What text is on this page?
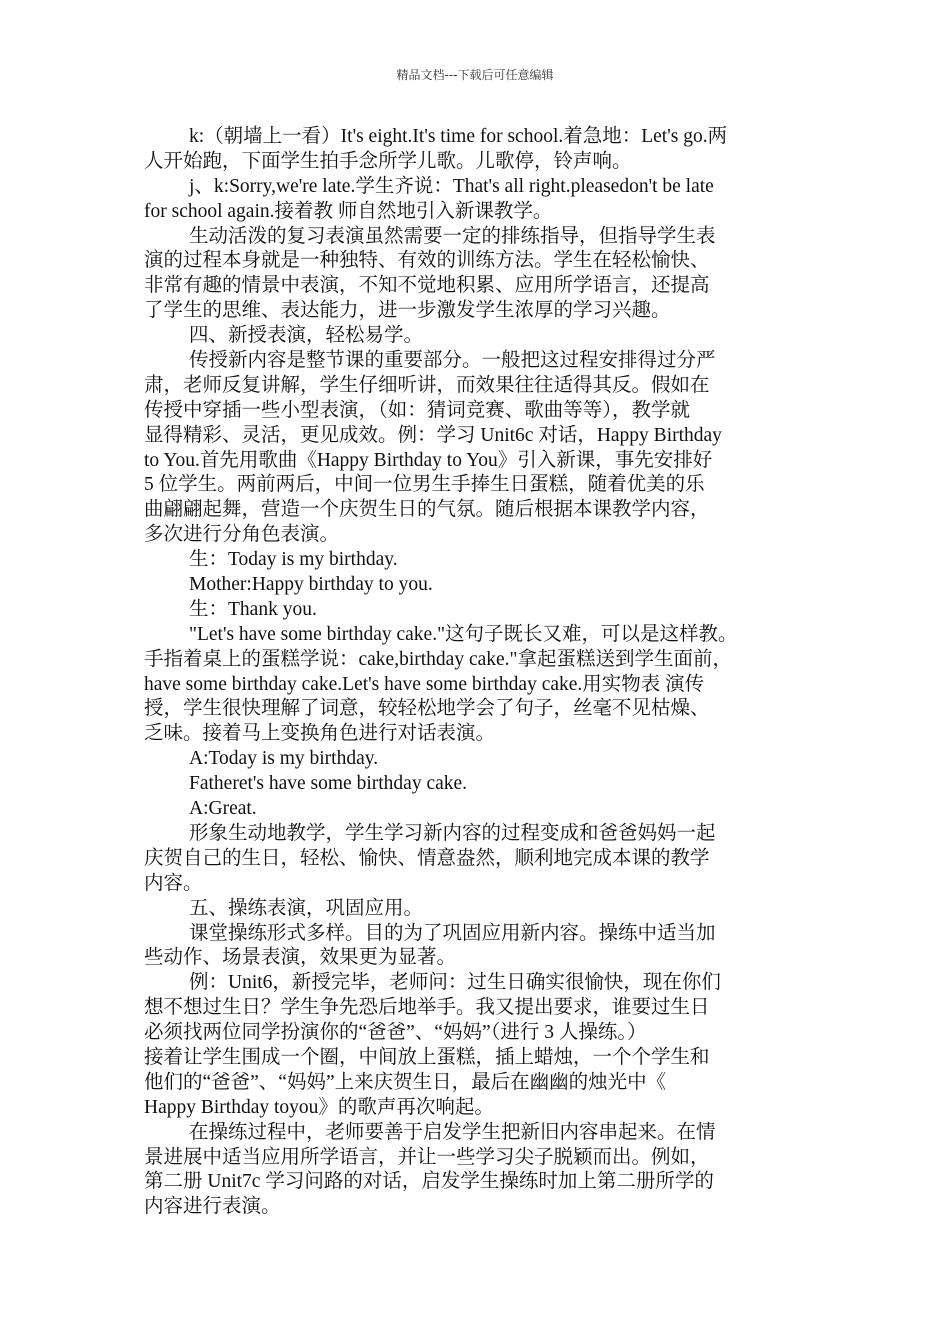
精品文档---下载后可任意编辑
k:（朝墙上一看）It's eight.It's time for school.着急地：Let's go.两
人开始跑，下面学生拍手念所学儿歌。儿歌停，铃声响。
j、k:Sorry,we're late.学生齐说：That's all right.pleasedon't be late
for school again.接着教 师自然地引入新课教学。
生动活泼的复习表演虽然需要一定的排练指导，但指导学生表
演的过程本身就是一种独特、有效的训练方法。学生在轻松愉快、
非常有趣的情景中表演，不知不觉地积累、应用所学语言，还提高
了学生的思维、表达能力，进一步激发学生浓厚的学习兴趣。
四、新授表演，轻松易学。
传授新内容是整节课的重要部分。一般把这过程安排得过分严
肃，老师反复讲解，学生仔细听讲，而效果往往适得其反。假如在
传授中穿插一些小型表演，（如：猜词竞赛、歌曲等等），教学就
显得精彩、灵活，更见成效。例：学习 Unit6c 对话，Happy Birthday
to You.首先用歌曲《Happy Birthday to You》引入新课，事先安排好
5 位学生。两前两后，中间一位男生手捧生日蛋糕，随着优美的乐
曲翩翩起舞，营造一个庆贺生日的气氛。随后根据本课教学内容，
多次进行分角色表演。
生：Today is my birthday.
Mother:Happy birthday to you.
生：Thank you.
"Let's have some birthday cake."这句子既长又难，可以是这样教。
手指着桌上的蛋糕学说：cake,birthday cake."拿起蛋糕送到学生面前，
have some birthday cake.Let's have some birthday cake.用实物表 演传
授，学生很快理解了词意，较轻松地学会了句子，丝毫不见枯燥、
乏味。接着马上变换角色进行对话表演。
A:Today is my birthday.
Fatheret's have some birthday cake.
A:Great.
形象生动地教学，学生学习新内容的过程变成和爸爸妈妈一起
庆贺自己的生日，轻松、愉快、情意盎然，顺利地完成本课的教学
内容。
五、操练表演，巩固应用。
课堂操练形式多样。目的为了巩固应用新内容。操练中适当加
些动作、场景表演，效果更为显著。
例：Unit6，新授完毕，老师问：过生日确实很愉快，现在你们
想不想过生日？学生争先恐后地举手。我又提出要求，谁要过生日
必须找两位同学扮演你的“爸爸”、“妈妈”（进行 3 人操练。）
接着让学生围成一个圈，中间放上蛋糕，插上蜡烛，一个个学生和
他们的“爸爸”、“妈妈”上来庆贺生日，最后在幽幽的烛光中《
Happy Birthday toyou》的歌声再次响起。
在操练过程中，老师要善于启发学生把新旧内容串起来。在情
景进展中适当应用所学语言，并让一些学习尖子脱颖而出。例如，
第二册 Unit7c 学习问路的对话，启发学生操练时加上第二册所学的
内容进行表演。
